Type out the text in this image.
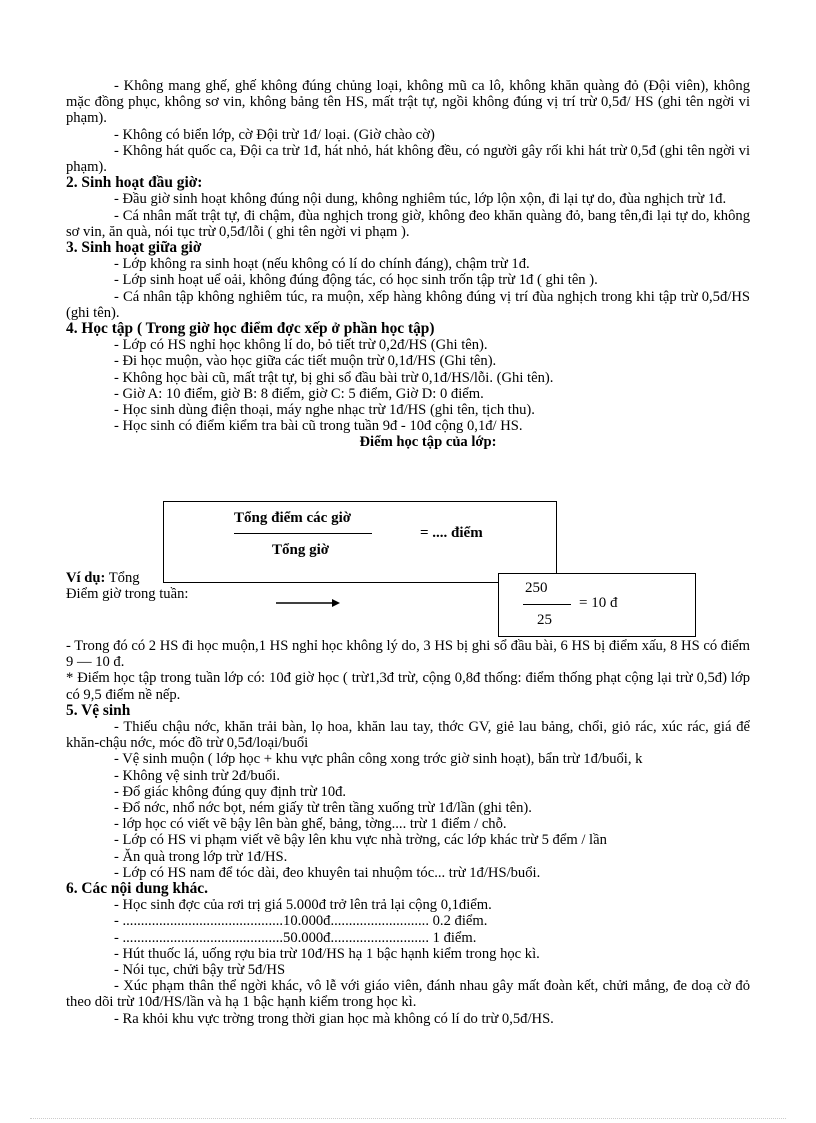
- Không mang ghế, ghế không đúng chủng loại, không mũ ca lô, không khăn quàng đỏ (Đội viên), không mặc đồng phục, không sơ vin, không bảng tên HS, mất trật tự, ngồi không đúng vị trí trừ 0,5đ/ HS (ghi tên ngời vi phạm).

- Không có biển lớp, cờ Đội trừ 1đ/ loại. (Giờ chào cờ)

- Không hát quốc ca, Đội ca trừ 1đ, hát nhỏ, hát không đều, có người gây rối khi hát trừ 0,5đ (ghi tên ngời vi phạm).

2. Sinh hoạt đầu giờ:

- Đầu giờ sinh hoạt không đúng nội dung, không nghiêm túc, lớp lộn xộn, đi lại tự do, đùa nghịch trừ 1đ.

- Cá nhân mất trật tự, đi chậm, đùa nghịch trong giờ, không đeo khăn quàng đỏ, bang tên,đi lại tự do, không sơ vin, ăn quà, nói tục trừ 0,5đ/lỗi ( ghi tên ngời vi phạm ).

3. Sinh hoạt giữa giờ

- Lớp không ra sinh hoạt (nếu không có lí do chính đáng), chậm trừ 1đ.

- Lớp sinh hoạt uể oải, không đúng động tác, có học sinh trốn tập trừ 1đ ( ghi tên ).

- Cá nhân tập không nghiêm túc, ra muộn, xếp hàng không đúng vị trí đùa nghịch trong khi tập trừ 0,5đ/HS (ghi tên).

4. Học tập ( Trong giờ học điểm đợc xếp ở phần học tập)

- Lớp có HS nghỉ học không lí do, bỏ tiết trừ 0,2đ/HS (Ghi tên).

- Đi học muộn, vào học giữa các tiết muộn trừ 0,1đ/HS (Ghi tên).

- Không học bài cũ, mất trật tự, bị ghi sổ đầu bài trừ 0,1đ/HS/lỗi. (Ghi tên).

- Giờ A: 10 điểm, giờ B: 8 điểm, giờ C: 5 điểm, Giờ D: 0 điểm.

- Học sinh dùng điện thoại, máy nghe nhạc trừ 1đ/HS (ghi tên, tịch thu).

- Học sinh có điểm kiểm tra bài cũ trong tuần 9đ - 10đ cộng 0,1đ/ HS.

Điểm học tập của lớp:

Tổng điểm các giờ
Tổng giờ
= .... điểm
Ví dụ: Tổng
Điểm giờ trong tuần:	250
25
= 10 đ

- Trong đó có 2 HS đi học muộn,1 HS nghỉ học không lý do, 3 HS bị ghi sổ đầu bài, 6 HS bị điểm xấu, 8 HS có điểm 9 — 10 đ.

* Điểm học tập trong tuần lớp có: 10đ giờ học ( trừ1,3đ trừ, cộng 0,8đ thống: điểm thống phạt cộng lại trừ 0,5đ) lớp có 9,5 điểm nề nếp.

5. Vệ sinh

- Thiếu chậu nớc, khăn trải bàn, lọ hoa, khăn lau tay, thớc GV, giẻ lau bảng, chổi, giỏ rác, xúc rác, giá để khăn-chậu nớc, móc đồ trừ 0,5đ/loại/buổi

- Vệ sinh muộn ( lớp học + khu vực phân công xong trớc giờ sinh hoạt), bẩn trừ 1đ/buổi, k

- Không vệ sinh trừ 2đ/buổi.

- Đổ giác không đúng quy định trừ 10đ.

- Đổ nớc, nhổ nớc bọt, ném giấy từ trên tầng xuống trừ 1đ/lần (ghi tên).

- lớp học có viết vẽ bậy lên bàn ghế, bảng, tờng.... trừ 1 điểm / chỗ.

- Lớp có HS vi phạm viết vẽ bậy lên khu vực nhà trờng, các lớp khác trừ 5 đểm / lần

- Ăn quà trong lớp trừ 1đ/HS.

- Lớp có HS nam để tóc dài, đeo khuyên tai nhuộm tóc... trừ 1đ/HS/buổi.

6. Các nội dung khác.

- Học sinh đợc của rơi trị giá 5.000đ trở lên trả lại cộng 0,1điểm.

- ............................................10.000đ........................... 0.2 điểm.

- ............................................50.000đ........................... 1 điểm.

- Hút thuốc lá, uống rợu bia trừ 10đ/HS hạ 1 bậc hạnh kiểm trong học kì.

- Nói tục, chửi bậy trừ 5đ/HS

- Xúc phạm thân thể ngời khác, vô lễ với giáo viên, đánh nhau gây mất đoàn kết, chửi mắng, đe doạ cờ đỏ theo dõi trừ 10đ/HS/lần và hạ 1 bậc hạnh kiểm trong học kì.

- Ra khỏi khu vực trờng trong thời gian học mà không có lí do trừ 0,5đ/HS.
